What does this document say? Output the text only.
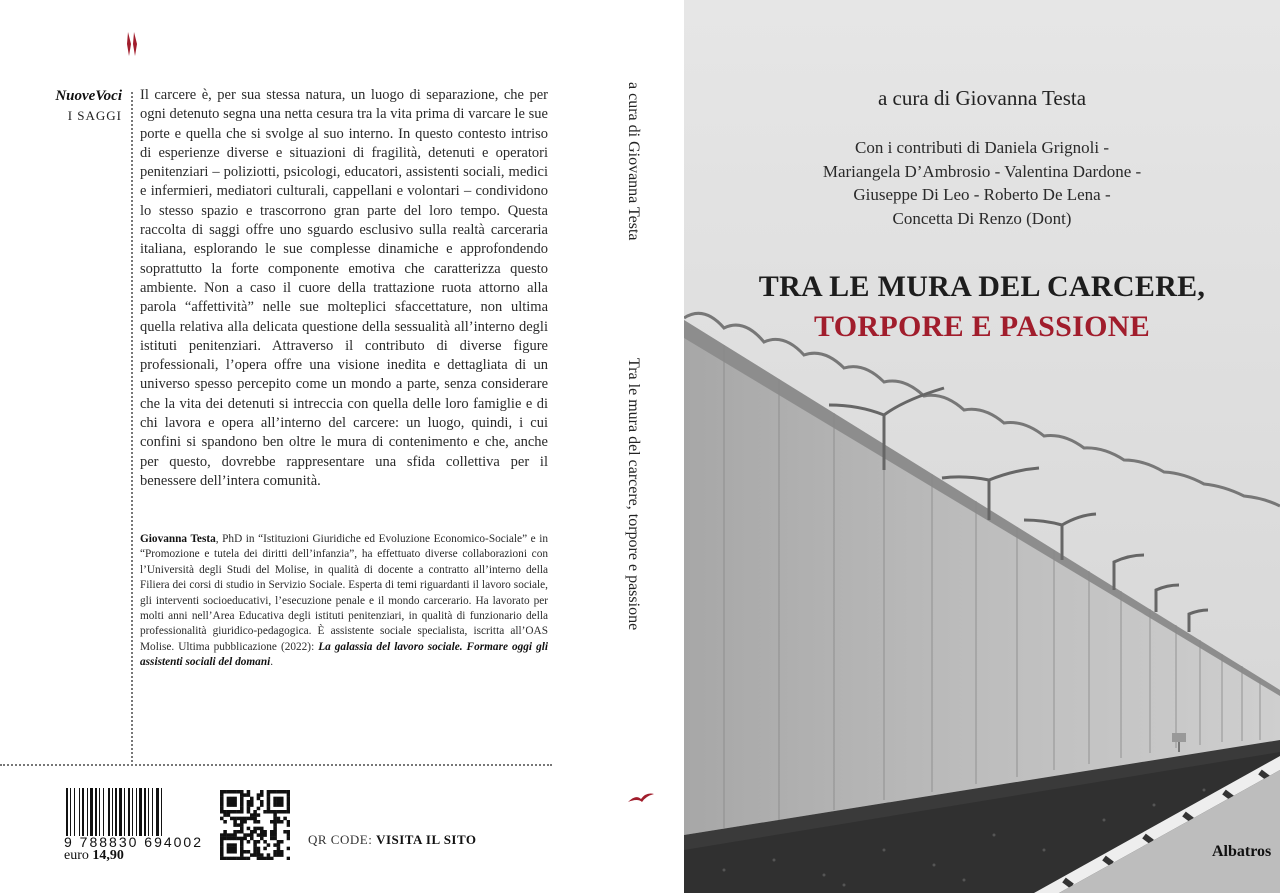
NuoveVoci
I SAGGI
Il carcere è, per sua stessa natura, un luogo di separazione, che per ogni detenuto segna una netta cesura tra la vita prima di varcare le sue porte e quella che si svolge al suo interno. In questo contesto intriso di esperienze diverse e situazioni di fragilità, detenuti e operatori penitenziari – poliziotti, psicologi, educatori, assistenti sociali, medici e infermieri, mediatori culturali, cappellani e volontari – condividono lo stesso spazio e trascorrono gran parte del loro tempo. Questa raccolta di saggi offre uno sguardo esclusivo sulla realtà carceraria italiana, esplorando le sue complesse dinamiche e approfondendo soprattutto la forte componente emotiva che caratterizza questo ambiente. Non a caso il cuore della trattazione ruota attorno alla parola “affettività” nelle sue molteplici sfaccettature, non ultima quella relativa alla delicata questione della sessualità all’interno degli istituti penitenziari. Attraverso il contributo di diverse figure professionali, l’opera offre una visione inedita e dettagliata di un universo spesso percepito come un mondo a parte, senza considerare che la vita dei detenuti si intreccia con quella delle loro famiglie e di chi lavora e opera all’interno del carcere: un luogo, quindi, i cui confini si spandono ben oltre le mura di contenimento e che, anche per questo, dovrebbe rappresentare una sfida collettiva per il benessere dell’intera comunità.
Giovanna Testa, PhD in “Istituzioni Giuridiche ed Evoluzione Economico-Sociale” e in “Promozione e tutela dei diritti dell’infanzia”, ha effettuato diverse collaborazioni con l’Università degli Studi del Molise, in qualità di docente a contratto all’interno della Filiera dei corsi di studio in Servizio Sociale. Esperta di temi riguardanti il lavoro sociale, gli interventi socioeducativi, l’esecuzione penale e il mondo carcerario. Ha lavorato per molti anni nell’Area Educativa degli istituti penitenziari, in qualità di funzionario della professionalità giuridico-pedagogica. È assistente sociale specialista, iscritta all’OAS Molise. Ultima pubblicazione (2022): La galassia del lavoro sociale. Formare oggi gli assistenti sociali del domani.
9 788830 694002
euro 14,90
QR CODE: VISITA IL SITO
a cura di Giovanna Testa
Tra le mura del carcere, torpore e passione
a cura di Giovanna Testa
Con i contributi di Daniela Grignoli -
Mariangela D’Ambrosio - Valentina Dardone -
Giuseppe Di Leo - Roberto De Lena -
Concetta Di Renzo (Dont)
TRA LE MURA DEL CARCERE,
TORPORE E PASSIONE
Albatros
